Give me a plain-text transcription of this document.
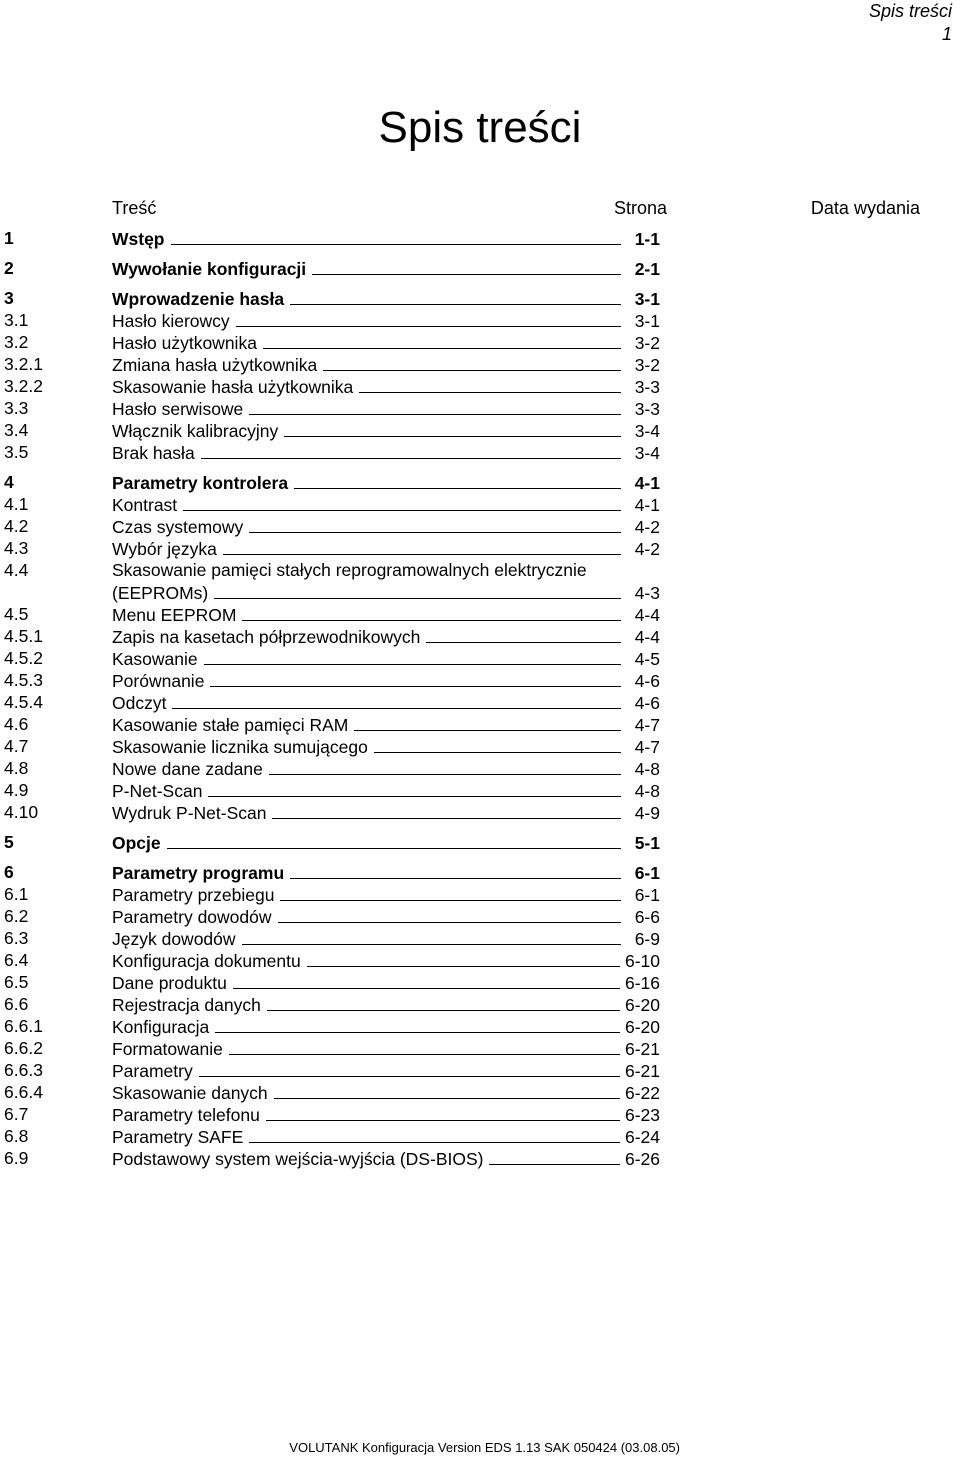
Spis treści
1
Spis treści
Treść	Strona	Data wydania
1	Wstęp	1-1
2	Wywołanie konfiguracji	2-1
3	Wprowadzenie hasła	3-1
3.1	Hasło kierowcy	3-1
3.2	Hasło użytkownika	3-2
3.2.1	Zmiana hasła użytkownika	3-2
3.2.2	Skasowanie hasła użytkownika	3-3
3.3	Hasło serwisowe	3-3
3.4	Włącznik kalibracyjny	3-4
3.5	Brak hasła	3-4
4	Parametry kontrolera	4-1
4.1	Kontrast	4-1
4.2	Czas systemowy	4-2
4.3	Wybór języka	4-2
4.4	Skasowanie pamięci stałych reprogramowalnych elektrycznie
(EEPROMs)	4-3
4.5	Menu EEPROM	4-4
4.5.1	Zapis na kasetach półprzewodnikowych	4-4
4.5.2	Kasowanie	4-5
4.5.3	Porównanie	4-6
4.5.4	Odczyt	4-6
4.6	Kasowanie stałe pamięci RAM	4-7
4.7	Skasowanie licznika sumującego	4-7
4.8	Nowe dane zadane	4-8
4.9	P-Net-Scan	4-8
4.10	Wydruk P-Net-Scan	4-9
5	Opcje	5-1
6	Parametry programu	6-1
6.1	Parametry przebiegu	6-1
6.2	Parametry dowodów	6-6
6.3	Język dowodów	6-9
6.4	Konfiguracja dokumentu	6-10
6.5	Dane produktu	6-16
6.6	Rejestracja danych	6-20
6.6.1	Konfiguracja	6-20
6.6.2	Formatowanie	6-21
6.6.3	Parametry	6-21
6.6.4	Skasowanie danych	6-22
6.7	Parametry telefonu	6-23
6.8	Parametry SAFE	6-24
6.9	Podstawowy system wejścia-wyjścia (DS-BIOS)	6-26
VOLUTANK Konfiguracja Version EDS 1.13 SAK 050424 (03.08.05)
